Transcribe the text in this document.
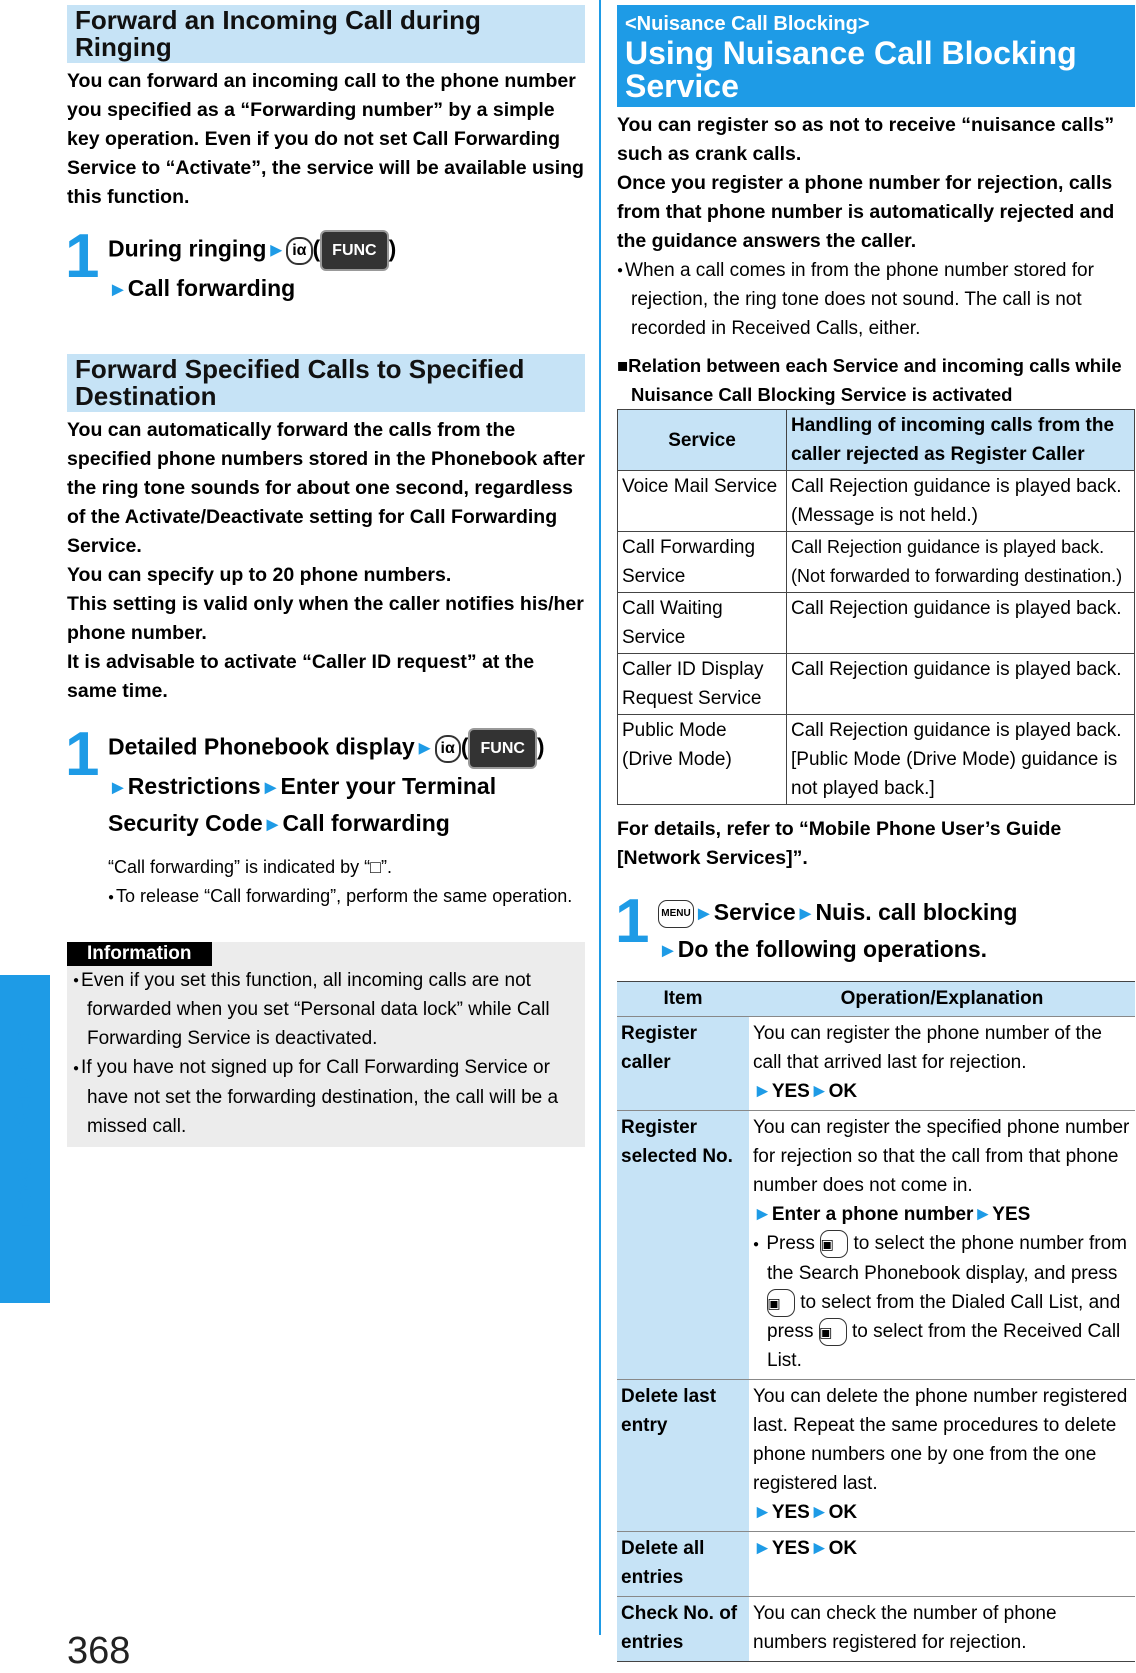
Network Services
Forward an Incoming Call during Ringing
You can forward an incoming call to the phone number you specified as a “Forwarding number” by a simple key operation. Even if you do not set Call Forwarding Service to “Activate”, the service will be available using this function.
1 During ringing► iα ( FUNC )
►Call forwarding
Forward Specified Calls to Specified Destination

You can automatically forward the calls from the specified phone numbers stored in the Phonebook after the ring tone sounds for about one second, regardless of the Activate/Deactivate setting for Call Forwarding Service.

You can specify up to 20 phone numbers.

This setting is valid only when the caller notifies his/her phone number.

It is advisable to activate “Caller ID request” at the same time.

1 Detailed Phonebook display► iα ( FUNC )
►Restrictions►Enter your Terminal Security Code►Call forwarding
“Call forwarding” is indicated by “□”.
● To release “Call forwarding”, perform the same operation.
Information
● Even if you set this function, all incoming calls are not forwarded when you set “Personal data lock” while Call Forwarding Service is deactivated.
● If you have not signed up for Call Forwarding Service or have not set the forwarding destination, the call will be a missed call.
<Nuisance Call Blocking>
Using Nuisance Call Blocking Service

You can register so as not to receive “nuisance calls” such as crank calls.

Once you register a phone number for rejection, calls from that phone number is automatically rejected and the guidance answers the caller.

● When a call comes in from the phone number stored for rejection, the ring tone does not sound. The call is not recorded in Received Calls, either.
■Relation between each Service and incoming calls while Nuisance Call Blocking Service is activated
Service	Handling of incoming calls from the caller rejected as Register Caller
Voice Mail Service	Call Rejection guidance is played back. (Message is not held.)
Call Forwarding Service	Call Rejection guidance is played back. (Not forwarded to forwarding destination.)
Call Waiting Service	Call Rejection guidance is played back.
Caller ID Display Request Service	Call Rejection guidance is played back.
Public Mode (Drive Mode)	Call Rejection guidance is played back. [Public Mode (Drive Mode) guidance is not played back.]
For details, refer to “Mobile Phone User’s Guide [Network Services]”.
1	MENU ►Service►Nuis. call blocking
►Do the following operations.
Item	Operation/Explanation
Register caller	You can register the phone number of the call that arrived last for rejection.
►YES►OK

Register selected No.	You can register the specified phone number for rejection so that the call from that phone number does not come in.
►Enter a phone number►YES
● Press ▣ to select the phone number from the Search Phonebook display, and press ▣ to select from the Dialed Call List, and press ▣ to select from the Received Call List.

Delete last entry	You can delete the phone number registered last. Repeat the same procedures to delete phone numbers one by one from the one registered last.
►YES►OK

Delete all entries	►YES►OK

Check No. of entries	You can check the number of phone numbers registered for rejection.
368
